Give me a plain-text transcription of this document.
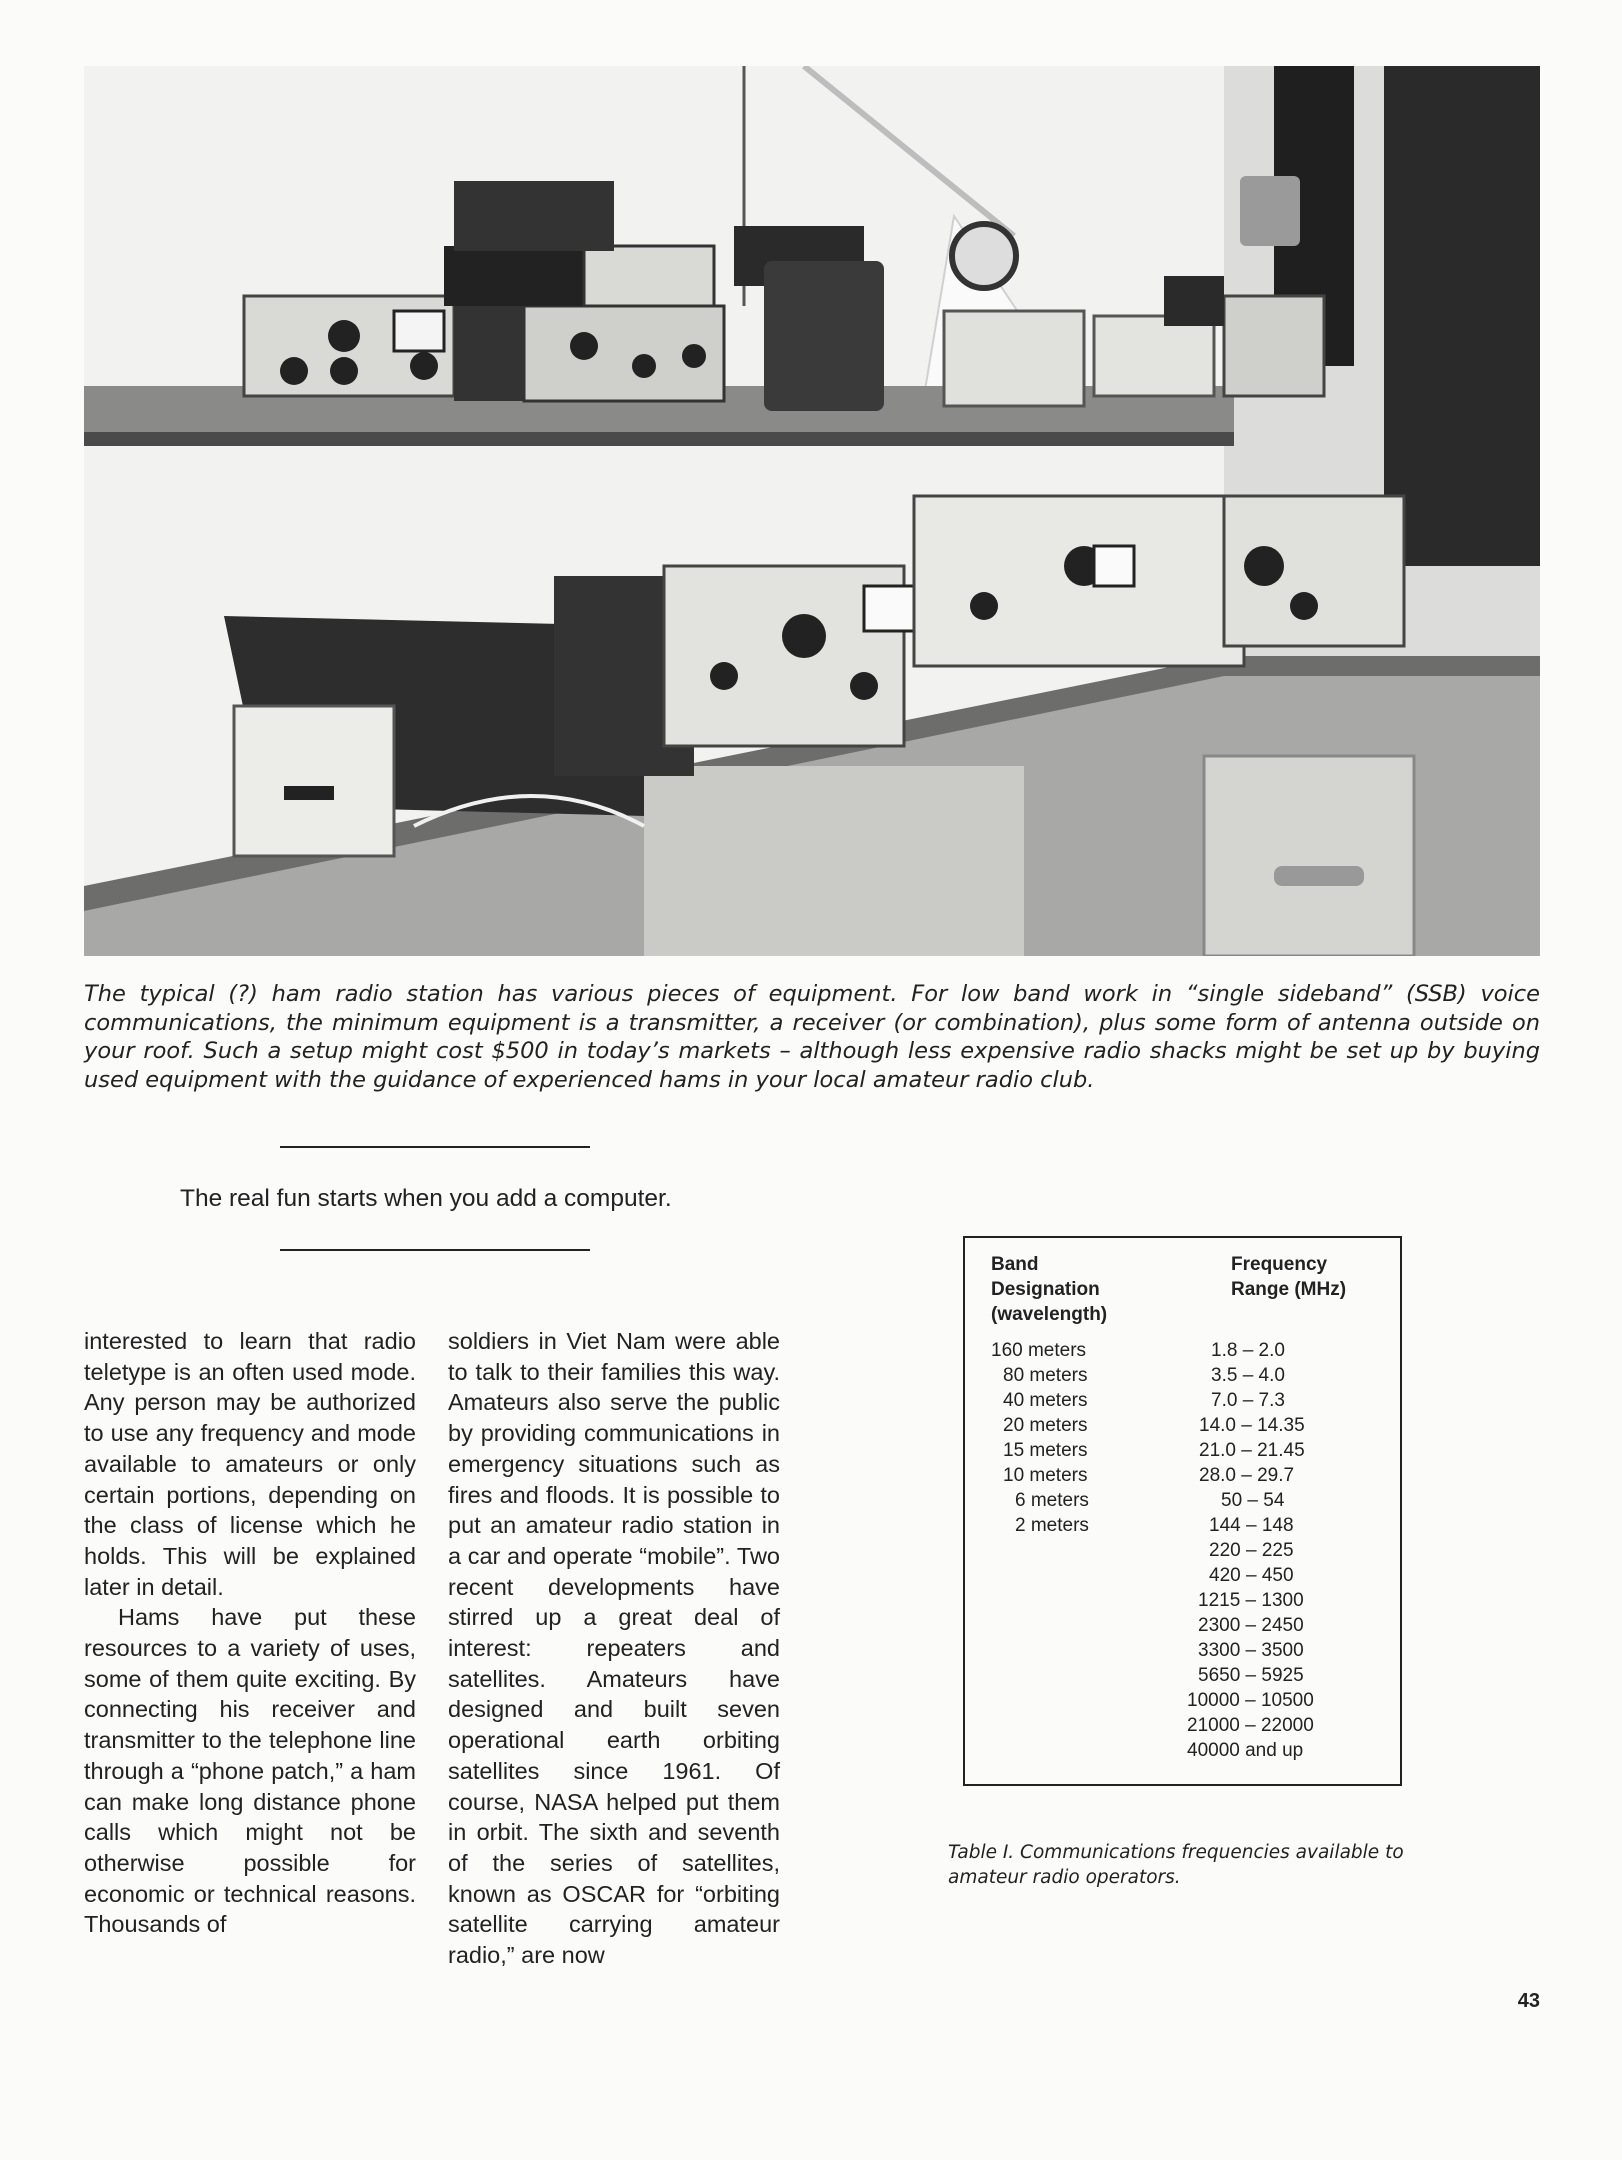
The typical (?) ham radio station has various pieces of equipment. For low band work in “single sideband” (SSB) voice communications, the minimum equipment is a transmitter, a receiver (or combination), plus some form of antenna outside on your roof. Such a setup might cost $500 in today’s markets – although less expensive radio shacks might be set up by buying used equipment with the guidance of experienced hams in your local amateur radio club.

The real fun starts when you add a computer.

interested to learn that radio teletype is an often used mode. Any person may be authorized to use any frequency and mode available to amateurs or only certain portions, depending on the class of license which he holds. This will be explained later in detail.

Hams have put these resources to a variety of uses, some of them quite exciting. By connecting his receiver and transmitter to the telephone line through a “phone patch,” a ham can make long distance phone calls which might not be otherwise possible for economic or technical reasons. Thousands of

soldiers in Viet Nam were able to talk to their families this way. Amateurs also serve the public by providing communications in emergency situations such as fires and floods. It is possible to put an amateur radio station in a car and operate “mobile”. Two recent developments have stirred up a great deal of interest: repeaters and satellites. Amateurs have designed and built seven operational earth orbiting satellites since 1961. Of course, NASA helped put them in orbit. The sixth and seventh of the series of satellites, known as OSCAR for “orbiting satellite carrying amateur radio,” are now

Band
Designation
(wavelength)
Frequency
Range (MHz)
160 meters
80 meters
40 meters
20 meters
15 meters
10 meters
6 meters
2 meters
1.8 – 2.0
3.5 – 4.0
7.0 – 7.3
14.0 – 14.35
21.0 – 21.45
28.0 – 29.7
50 – 54
144 – 148
220 – 225
420 – 450
1215 – 1300
2300 – 2450
3300 – 3500
5650 – 5925
10000 – 10500
21000 – 22000
40000 and up

Table I. Communications frequencies available to amateur radio operators.

43
